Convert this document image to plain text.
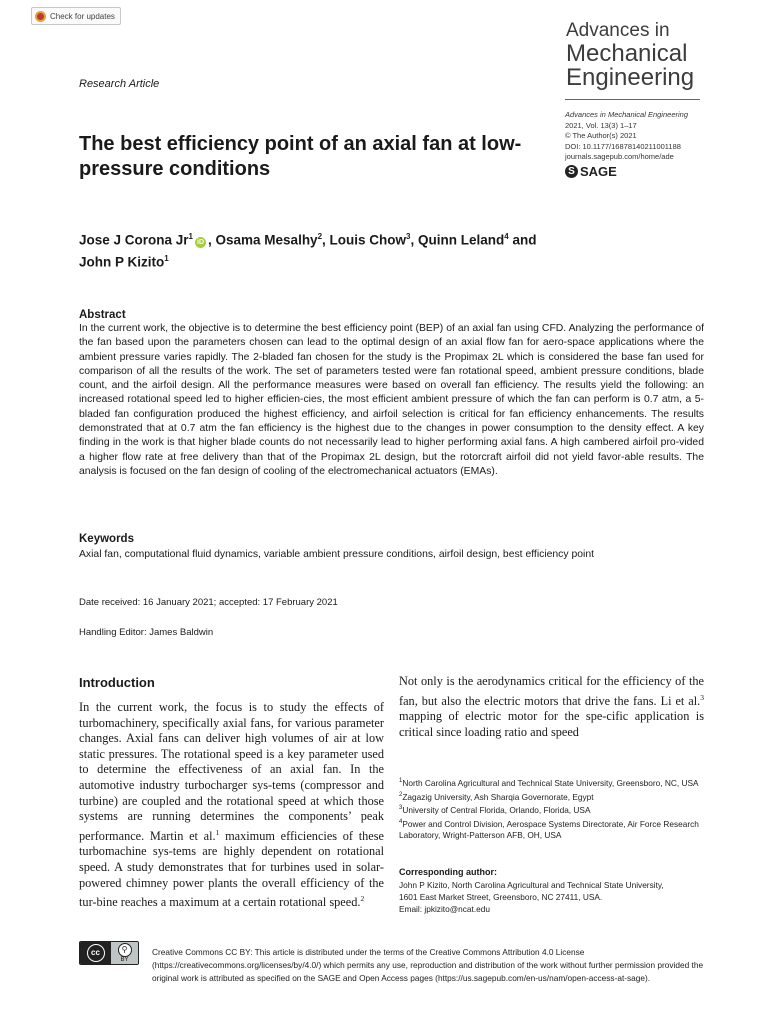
Check for updates
Advances in
Mechanical
Engineering
Research Article
Advances in Mechanical Engineering
2021, Vol. 13(3) 1–17
© The Author(s) 2021
DOI: 10.1177/16878140211001188
journals.sagepub.com/home/ade
S SAGE
The best efficiency point of an axial fan at low-pressure conditions
Jose J Corona Jr$^1$iD , Osama Mesalhy$^2$, Louis Chow$^3$, Quinn Leland$^4$ and
John P Kizito$^1$
Abstract
In the current work, the objective is to determine the best efficiency point (BEP) of an axial fan using CFD. Analyzing the performance of the fan based upon the parameters chosen can lead to the optimal design of an axial flow fan for aero-space applications where the ambient pressure varies rapidly. The 2-bladed fan chosen for the study is the Propimax 2L which is considered the base fan used for comparison of all the results of the work. The set of parameters tested were fan rotational speed, ambient pressure conditions, blade count, and the airfoil design. All the performance measures were based on overall fan efficiency. The results yield the following: an increased rotational speed led to higher efficien-cies, the most efficient ambient pressure of which the fan can perform is 0.7 atm, a 5-bladed fan configuration produced the highest efficiency, and airfoil selection is critical for fan efficiency enhancements. The results demonstrated that at 0.7 atm the fan efficiency is the highest due to the changes in power consumption to the density effect. A key finding in the work is that higher blade counts do not necessarily lead to higher performing axial fans. A high cambered airfoil pro-vided a higher flow rate at free delivery than that of the Propimax 2L design, but the rotorcraft airfoil did not yield favor-able results. The analysis is focused on the fan design of cooling of the electromechanical actuators (EMAs).
Keywords
Axial fan, computational fluid dynamics, variable ambient pressure conditions, airfoil design, best efficiency point
Date received: 16 January 2021; accepted: 17 February 2021
Handling Editor: James Baldwin
Introduction
In the current work, the focus is to study the effects of turbomachinery, specifically axial fans, for various parameter changes. Axial fans can deliver high volumes of air at low static pressures. The rotational speed is a key parameter used to determine the effectiveness of an axial fan. In the automotive industry turbocharger sys-tems (compressor and turbine) are coupled and the rotational speed at which those systems are running determines the components’ peak performance. Martin et al.$^1$ maximum efficiencies of these turbomachine sys-tems are highly dependent on rotational speed. A study demonstrates that for turbines used in solar-powered chimney power plants the overall efficiency of the tur-bine reaches a maximum at a certain rotational speed.$^2$
Not only is the aerodynamics critical for the efficiency of the fan, but also the electric motors that drive the fans. Li et al.$^3$ mapping of electric motor for the spe-cific application is critical since loading ratio and speed
$^1$North Carolina Agricultural and Technical State University, Greensboro, NC, USA
$^2$Zagazig University, Ash Sharqia Governorate, Egypt
$^3$University of Central Florida, Orlando, Florida, USA
$^4$Power and Control Division, Aerospace Systems Directorate, Air Force Research Laboratory, Wright-Patterson AFB, OH, USA
Corresponding author:
John P Kizito, North Carolina Agricultural and Technical State University,
1601 East Market Street, Greensboro, NC 27411, USA.
Email: jpkizito@ncat.edu
Creative Commons CC BY: This article is distributed under the terms of the Creative Commons Attribution 4.0 License (https://creativecommons.org/licenses/by/4.0/) which permits any use, reproduction and distribution of the work without further permission provided the original work is attributed as specified on the SAGE and Open Access pages (https://us.sagepub.com/en-us/nam/open-access-at-sage).
cc	⚲
BY
